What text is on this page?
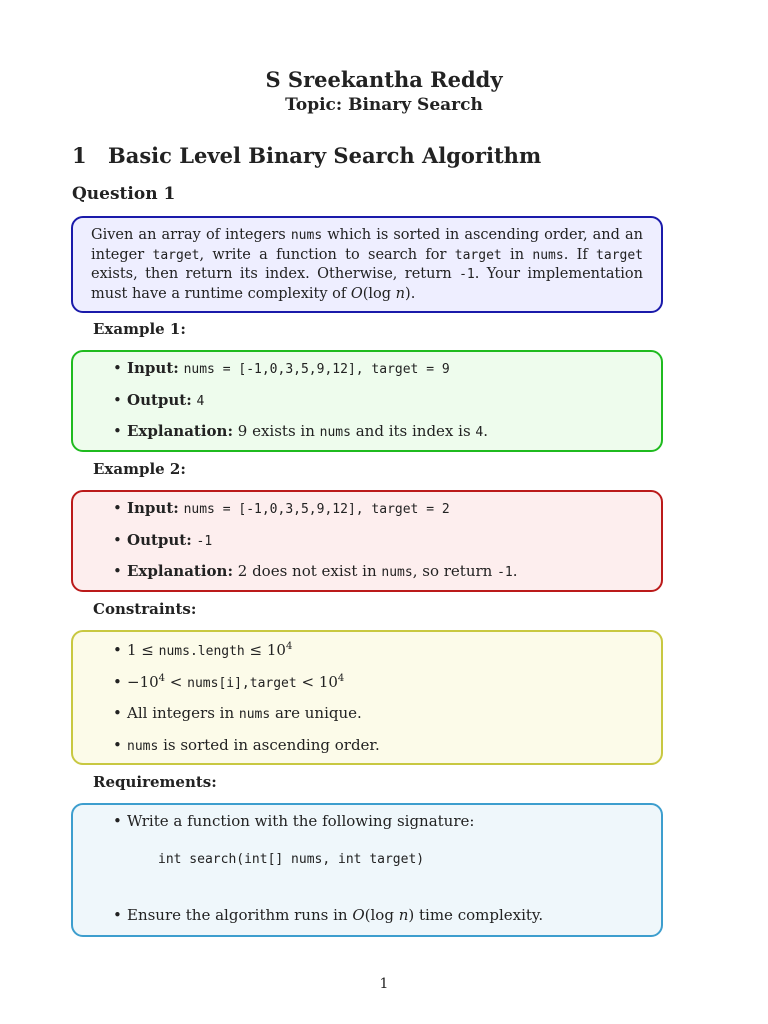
S Sreekantha Reddy
Topic: Binary Search
1 Basic Level Binary Search Algorithm
Question 1
Given an array of integers nums which is sorted in ascending order, and an integer target, write a function to search for target in nums. If target exists, then return its index. Otherwise, return -1. Your implementation must have a runtime complexity of O(log n).
Example 1:
• Input: nums = [-1,0,3,5,9,12], target = 9
• Output: 4
• Explanation: 9 exists in nums and its index is 4.
Example 2:
• Input: nums = [-1,0,3,5,9,12], target = 2
• Output: -1
• Explanation: 2 does not exist in nums, so return -1.
Constraints:
• 1 ≤ nums.length ≤ $10^4$
• $-10^4$ < nums[i],target < $10^4$
• All integers in nums are unique.
• nums is sorted in ascending order.
Requirements:
• Write a function with the following signature:
int search(int[] nums, int target)
• Ensure the algorithm runs in O(log n) time complexity.
1
